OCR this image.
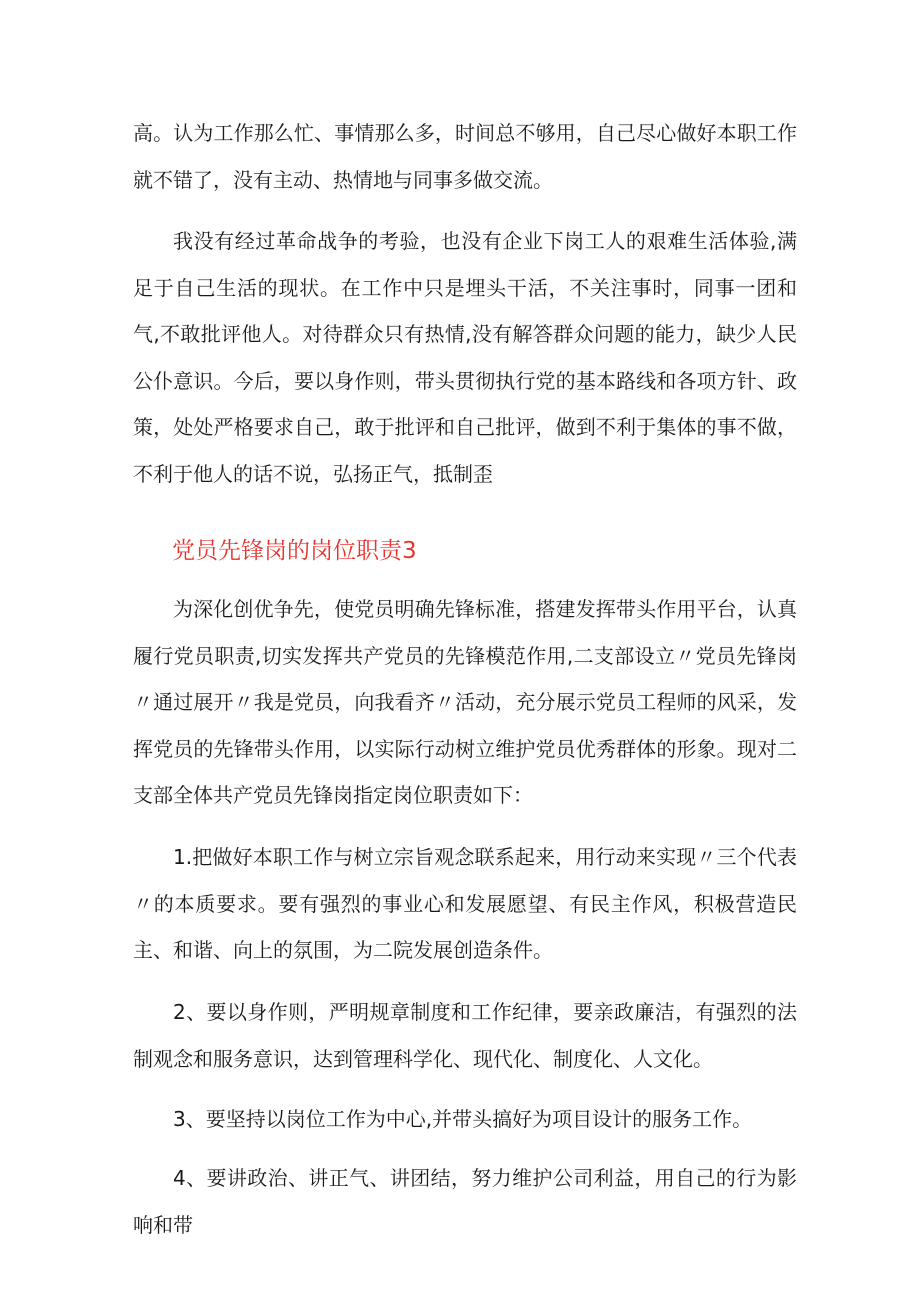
高。认为工作那么忙、事情那么多，时间总不够用，自己尽心做好本职工作就不错了，没有主动、热情地与同事多做交流。

我没有经过革命战争的考验，也没有企业下岗工人的艰难生活体验,满足于自己生活的现状。在工作中只是埋头干活，不关注事时，同事一团和气,不敢批评他人。对待群众只有热情,没有解答群众问题的能力，缺少人民公仆意识。今后，要以身作则，带头贯彻执行党的基本路线和各项方针、政策，处处严格要求自己，敢于批评和自己批评，做到不利于集体的事不做，不利于他人的话不说，弘扬正气，抵制歪

党员先锋岗的岗位职责3

为深化创优争先，使党员明确先锋标准，搭建发挥带头作用平台，认真履行党员职责,切实发挥共产党员的先锋模范作用,二支部设立〃党员先锋岗〃通过展开〃我是党员，向我看齐〃活动，充分展示党员工程师的风采，发挥党员的先锋带头作用，以实际行动树立维护党员优秀群体的形象。现对二支部全体共产党员先锋岗指定岗位职责如下：

1.把做好本职工作与树立宗旨观念联系起来，用行动来实现〃三个代表〃的本质要求。要有强烈的事业心和发展愿望、有民主作风，积极营造民主、和谐、向上的氛围，为二院发展创造条件。

2、要以身作则，严明规章制度和工作纪律，要亲政廉洁，有强烈的法制观念和服务意识，达到管理科学化、现代化、制度化、人文化。

3、要坚持以岗位工作为中心,并带头搞好为项目设计的服务工作。

4、要讲政治、讲正气、讲团结，努力维护公司利益，用自己的行为影响和带
